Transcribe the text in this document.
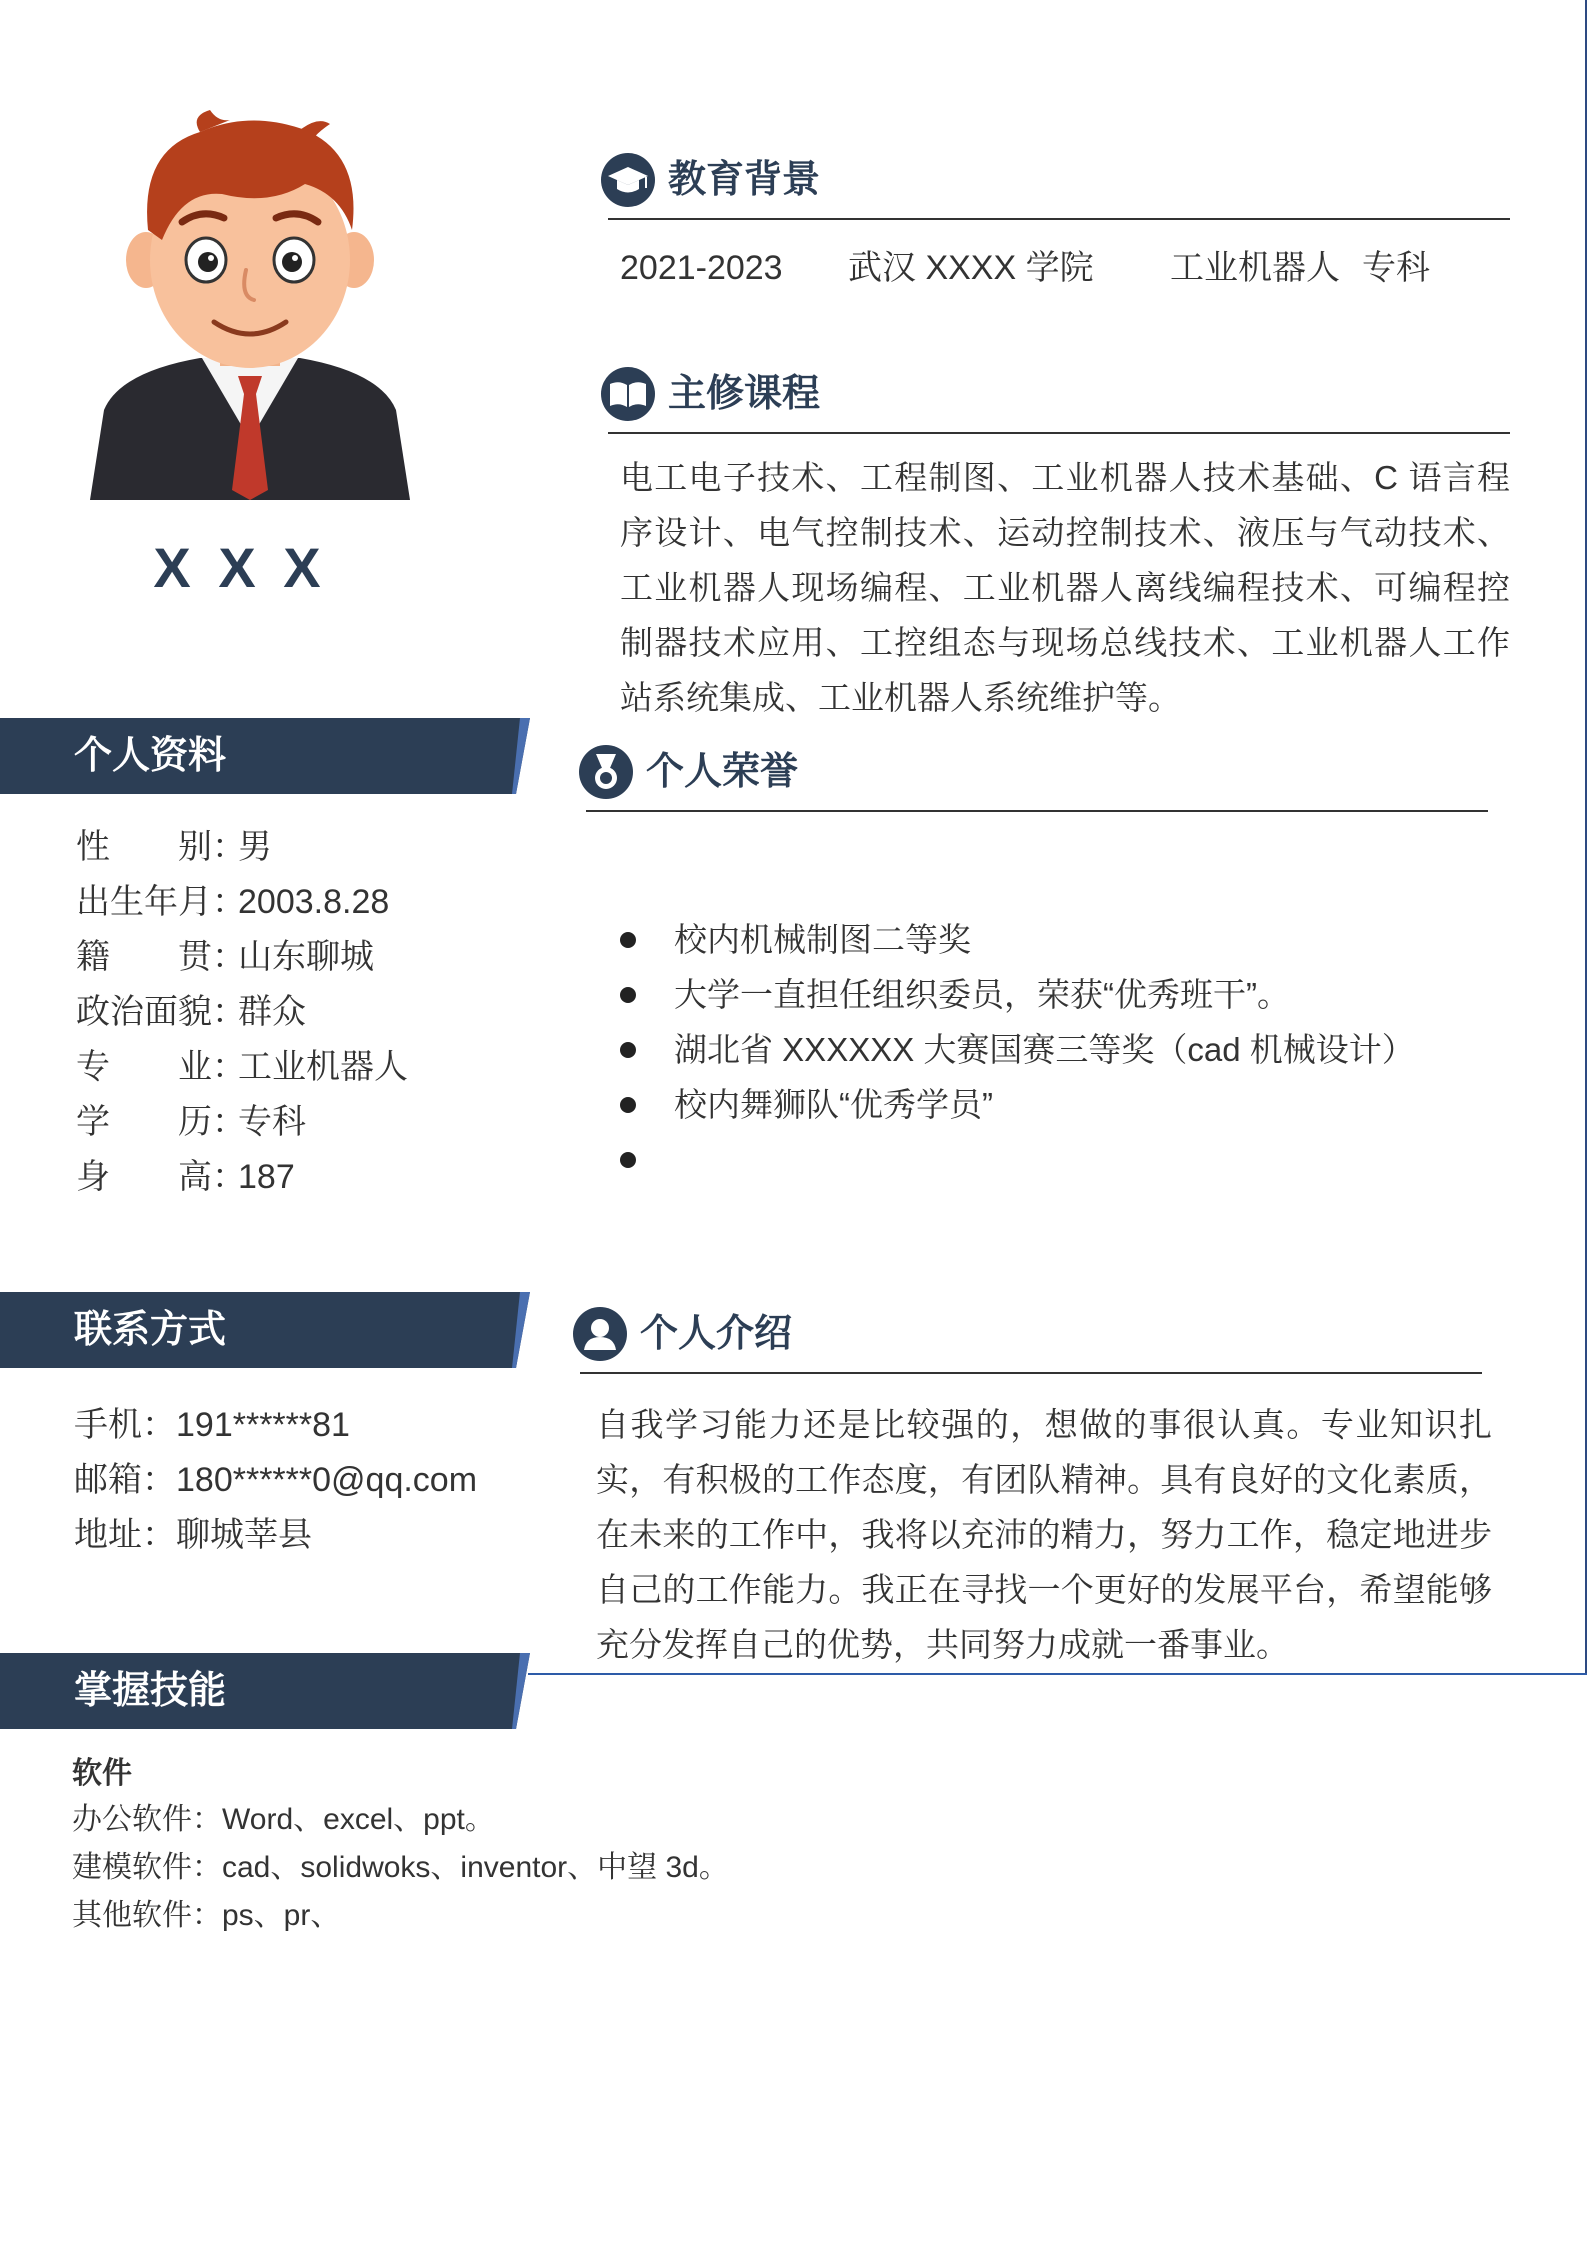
X X X
个人资料
性　　别：男
出生年月：2003.8.28
籍　　贯：山东聊城
政治面貌：群众
专　　业：工业机器人
学　　历：专科
身　　高：187
联系方式
手机：191******81
邮箱：180******0@qq.com
地址：聊城莘县
掌握技能
软件
办公软件：Word、excel、ppt。
建模软件：cad、solidwoks、inventor、中望 3d。
其他软件：ps、pr、
教育背景
2021-2023 武汉 XXXX 学院 工业机器人 专科
主修课程
电工电子技术、工程制图、工业机器人技术基础、C 语言程序设计、电气控制技术、运动控制技术、液压与气动技术、工业机器人现场编程、工业机器人离线编程技术、可编程控制器技术应用、工控组态与现场总线技术、工业机器人工作站系统集成、工业机器人系统维护等。
个人荣誉
校内机械制图二等奖
大学一直担任组织委员，荣获“优秀班干”。
湖北省 XXXXXX 大赛国赛三等奖（cad 机械设计）
校内舞狮队“优秀学员”
个人介绍
自我学习能力还是比较强的，想做的事很认真。专业知识扎实，有积极的工作态度，有团队精神。具有良好的文化素质，在未来的工作中，我将以充沛的精力，努力工作，稳定地进步自己的工作能力。我正在寻找一个更好的发展平台，希望能够充分发挥自己的优势，共同努力成就一番事业。
